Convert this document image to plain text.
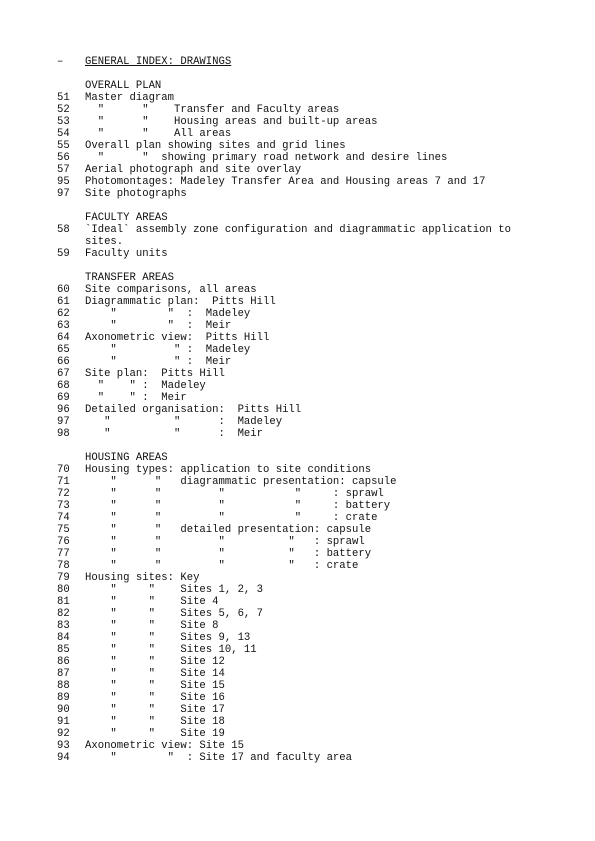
– GENERAL INDEX: DRAWINGS
OVERALL PLAN
51 Master diagram
52 ″      ″    Transfer and Faculty areas
53 ″      ″    Housing areas and built-up areas
54 ″      ″    All areas
55 Overall plan showing sites and grid lines
56 ″      ″  showing primary road network and desire lines
57 Aerial photograph and site overlay
95 Photomontages: Madeley Transfer Area and Housing areas 7 and 17
97 Site photographs
FACULTY AREAS
58 `Ideal` assembly zone configuration and diagrammatic application to
sites.
59 Faculty units
TRANSFER AREAS
60 Site comparisons, all areas
61 Diagrammatic plan:  Pitts Hill
62 ″        ″  :  Madeley
63 ″        ″  :  Meir
64 Axonometric view:  Pitts Hill
65 ″         ″ :  Madeley
66 ″         ″ :  Meir
67 Site plan:  Pitts Hill
68 ″    ″ :  Madeley
69 ″    ″ :  Meir
96 Detailed organisation:  Pitts Hill
97 ″          ″      :  Madeley
98 ″          ″      :  Meir
HOUSING AREAS
70 Housing types: application to site conditions
71 ″      ″   diagrammatic presentation: capsule
72 ″      ″         ″           ″     : sprawl
73 ″      ″         ″           ″     : battery
74 ″      ″         ″           ″     : crate
75 ″      ″   detailed presentation: capsule
76 ″      ″         ″          ″   : sprawl
77 ″      ″         ″          ″   : battery
78 ″      ″         ″          ″   : crate
79 Housing sites: Key
80 ″     ″    Sites 1, 2, 3
81 ″     ″    Site 4
82 ″     ″    Sites 5, 6, 7
83 ″     ″    Site 8
84 ″     ″    Sites 9, 13
85 ″     ″    Sites 10, 11
86 ″     ″    Site 12
87 ″     ″    Site 14
88 ″     ″    Site 15
89 ″     ″    Site 16
90 ″     ″    Site 17
91 ″     ″    Site 18
92 ″     ″    Site 19
93 Axonometric view: Site 15
94 ″        ″  : Site 17 and faculty area
